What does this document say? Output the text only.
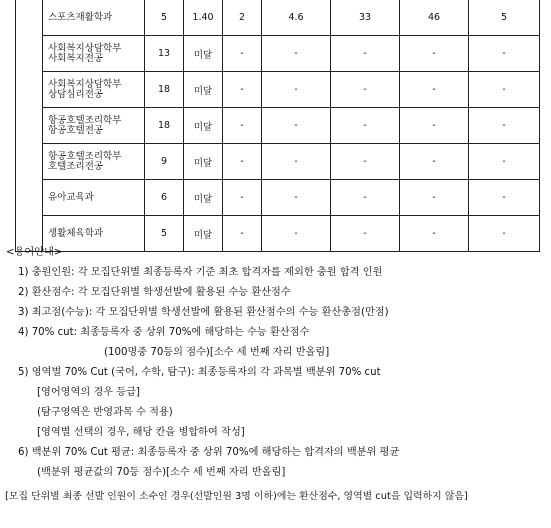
	스포츠재활학과	5	1.40	2	4.6	33	46	5

	사회복지상담학부
사회복지전공	13	미달	-	-	-	-	-

	사회복지상담학부
상담심리전공	18	미달	-	-	-	-	-

	항공호텔조리학부
항공호텔전공	18	미달	-	-	-	-	-

	항공호텔조리학부
호텔조리전공	9	미달	-	-	-	-	-

	유아교육과	6	미달	-	-	-	-	-

	생활체육학과	5	미달	-	-	-	-	-
<용어안내>
1) 충원인원: 각 모집단위별 최종등록자 기준 최초 합격자를 제외한 충원 합격 인원
2) 환산점수: 각 모집단위별 학생선발에 활용된 수능 환산점수
3) 최고점(수능): 각 모집단위별 학생선발에 활용된 환산점수의 수능 환산총점(만점)
4) 70% cut: 최종등록자 중 상위 70%에 해당하는 수능 환산점수
(100명중 70등의 점수)[소수 세 번째 자리 반올림]
5) 영역별 70% Cut (국어, 수학, 탐구): 최종등록자의 각 과목별 백분위 70% cut
[영어영역의 경우 등급]
(탐구영역은 반영과목 수 적용)
[영역별 선택의 경우, 해당 칸을 병합하여 작성]
6) 백분위 70% Cut 평균: 최종등록자 중 상위 70%에 해당하는 합격자의 백분위 평균
(백분위 평균값의 70등 점수)[소수 세 번째 자리 반올림]
[모집 단위별 최종 선발 인원이 소수인 경우(선발인원 3명 이하)에는 환산점수, 영역별 cut을 입력하지 않음]
